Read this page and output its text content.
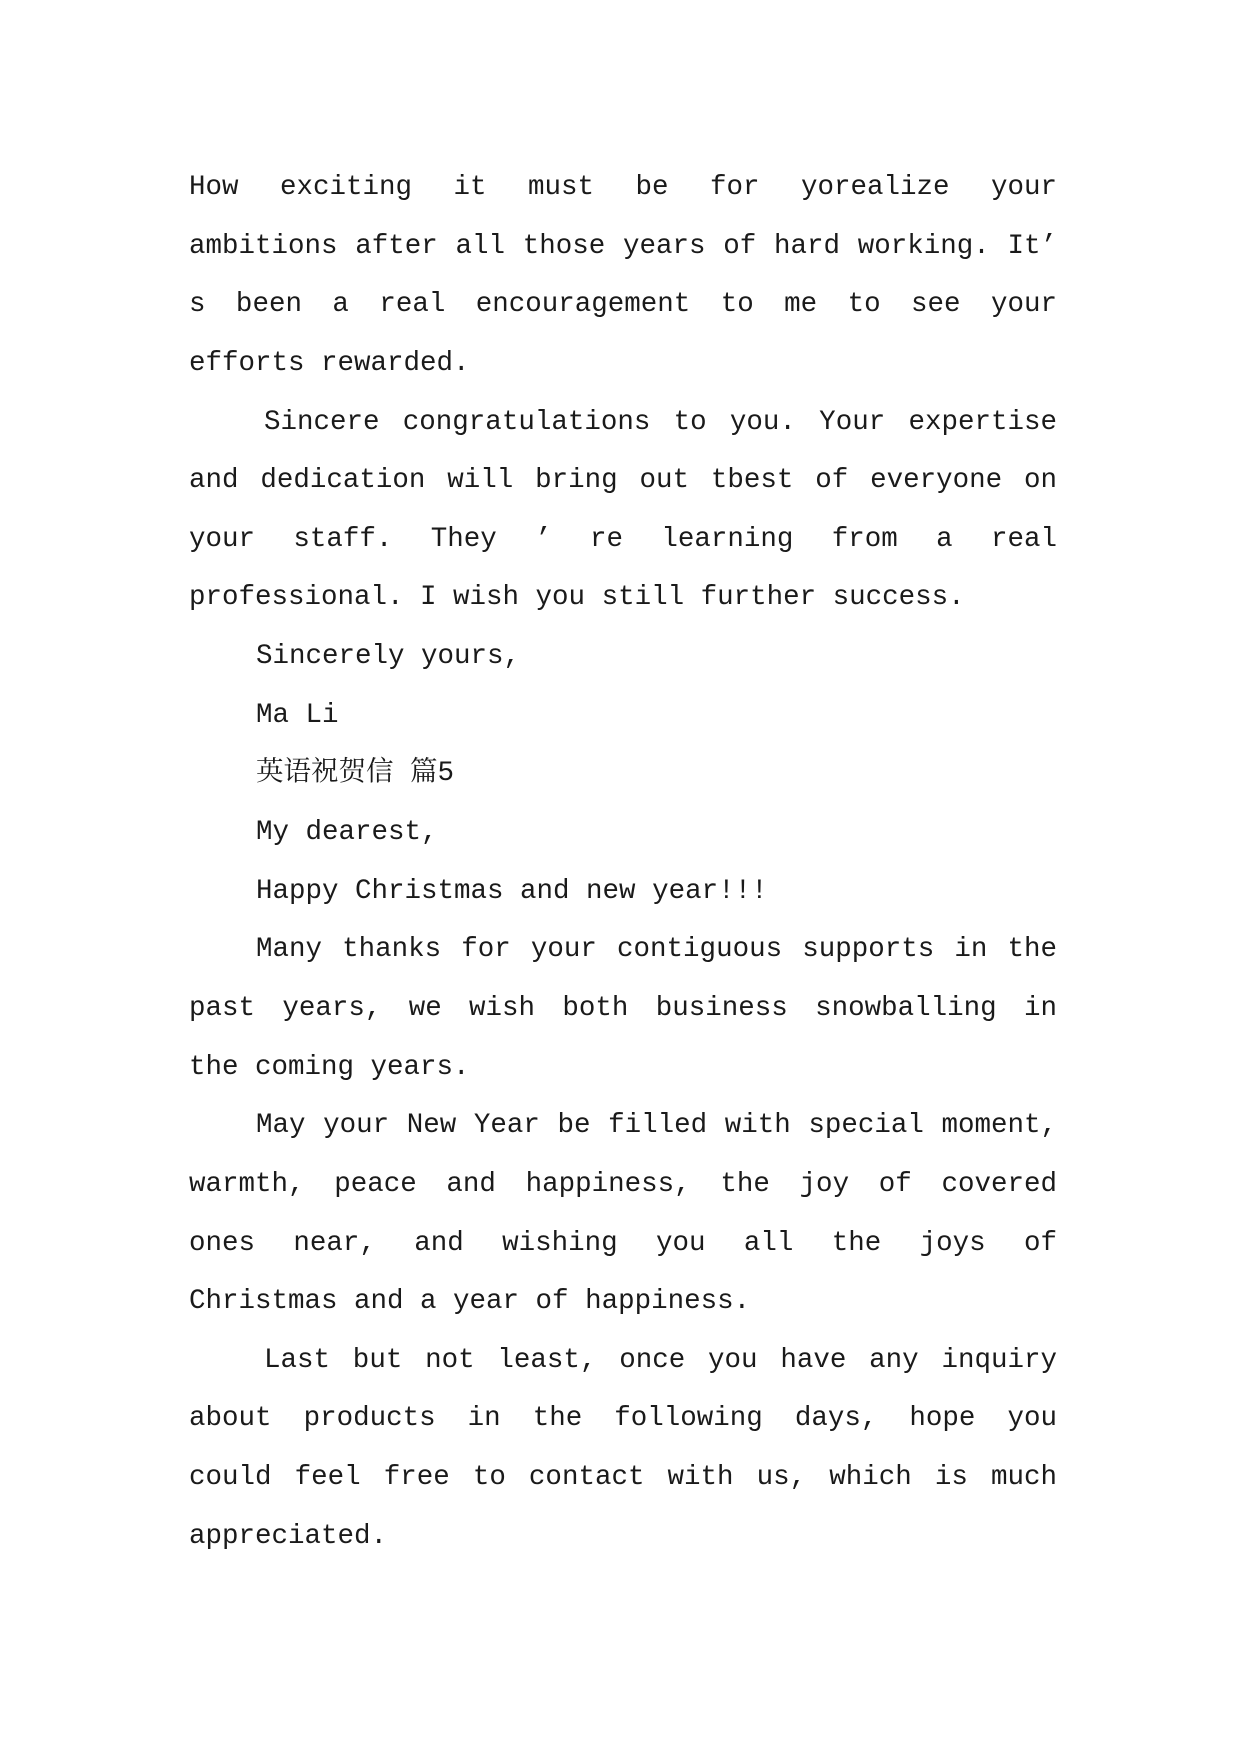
How exciting it must be for yorealize your
ambitions after all those years of hard working. It’
s been a real encouragement to me to see your
efforts rewarded.
Sincere congratulations to you. Your expertise
and dedication will bring out tbest of everyone on
your staff. They ’ re learning from a real
professional. I wish you still further success.
Sincerely yours,
Ma Li
英语祝贺信 篇5
My dearest,
Happy Christmas and new year!!!
Many thanks for your contiguous supports in the
past years, we wish both business snowballing in
the coming years.
May your New Year be filled with special moment,
warmth, peace and happiness, the joy of covered
ones near, and wishing you all the joys of
Christmas and a year of happiness.
Last but not least, once you have any inquiry
about products in the following days, hope you
could feel free to contact with us, which is much
appreciated.
